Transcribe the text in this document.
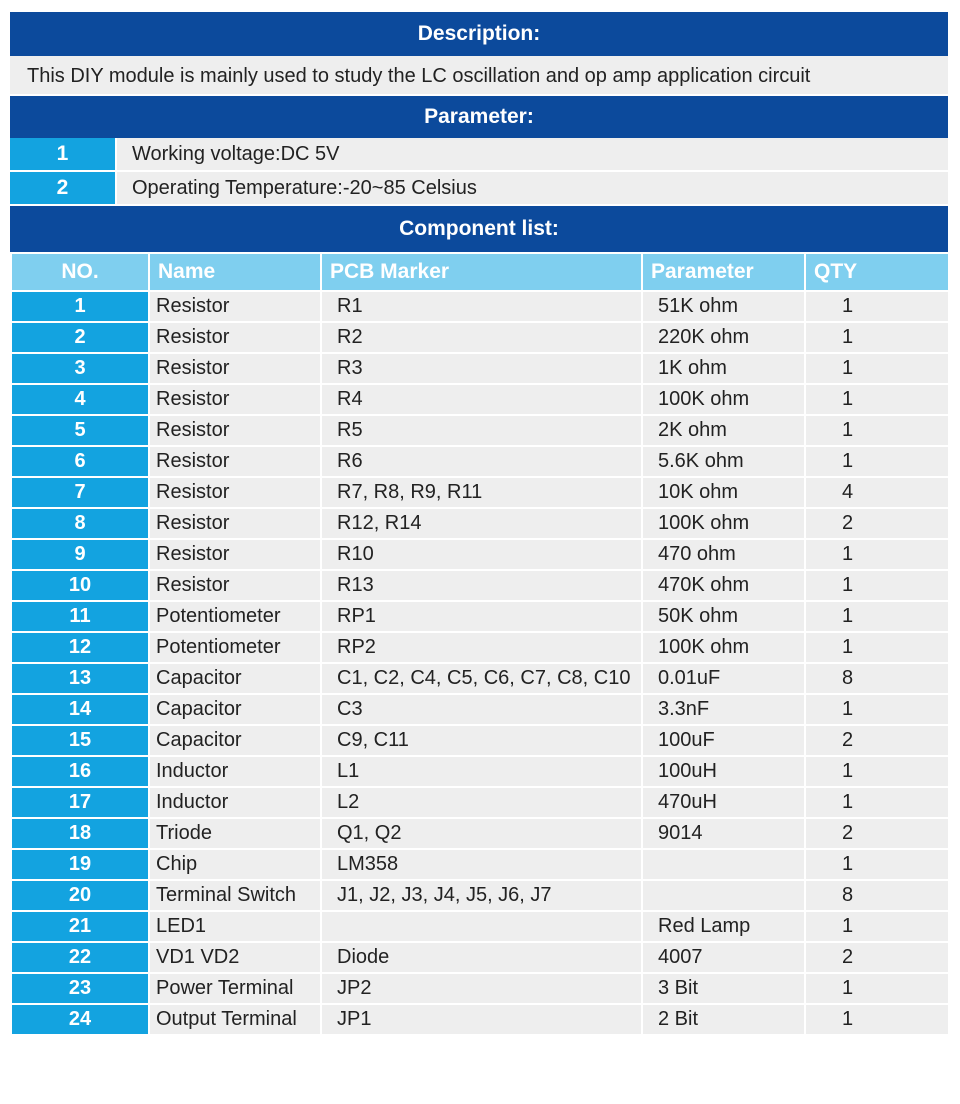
Description:
This DIY module is mainly used to study the LC oscillation and op amp application circuit
Parameter:
1	Working voltage:DC 5V
2	Operating Temperature:-20~85 Celsius
Component list:
NO.	Name	PCB Marker	Parameter	QTY
1	Resistor	R1	51K ohm	1
2	Resistor	R2	220K ohm	1
3	Resistor	R3	1K ohm	1
4	Resistor	R4	100K ohm	1
5	Resistor	R5	2K ohm	1
6	Resistor	R6	5.6K ohm	1
7	Resistor	R7, R8, R9, R11	10K ohm	4
8	Resistor	R12, R14	100K ohm	2
9	Resistor	R10	470 ohm	1
10	Resistor	R13	470K ohm	1
11	Potentiometer	RP1	50K ohm	1
12	Potentiometer	RP2	100K ohm	1
13	Capacitor	C1, C2, C4, C5, C6, C7, C8, C10	0.01uF	8
14	Capacitor	C3	3.3nF	1
15	Capacitor	C9, C11	100uF	2
16	Inductor	L1	100uH	1
17	Inductor	L2	470uH	1
18	Triode	Q1, Q2	9014	2
19	Chip	LM358		1
20	Terminal Switch	J1, J2, J3, J4, J5, J6, J7		8
21	LED1		Red Lamp	1
22	VD1 VD2	Diode	4007	2
23	Power Terminal	JP2	3 Bit	1
24	Output Terminal	JP1	2 Bit	1
